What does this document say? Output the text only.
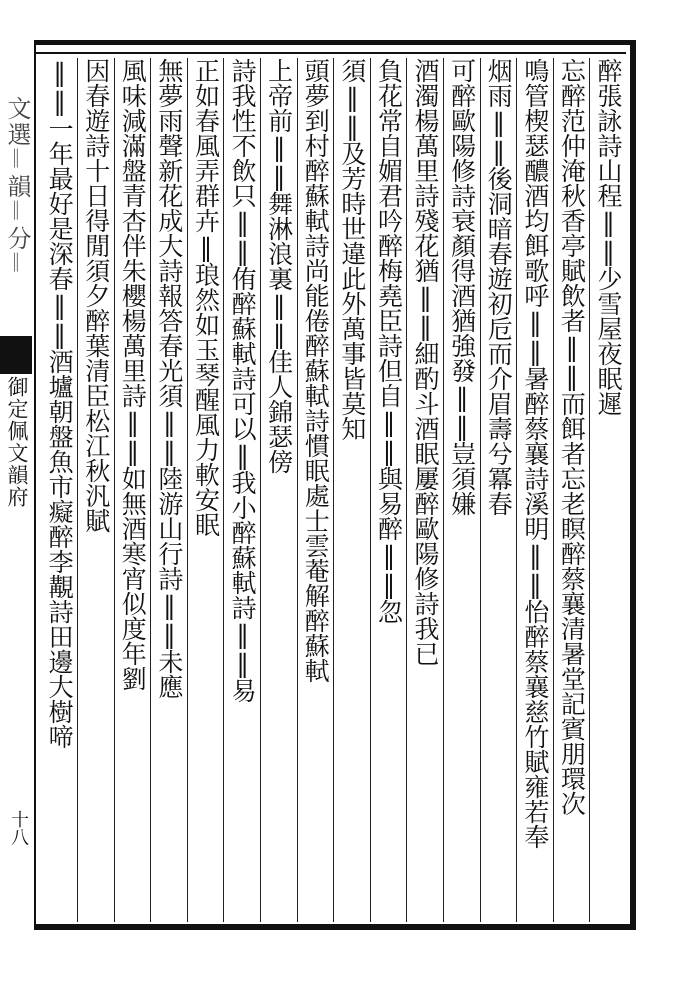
文選𝄁韻𝄁分𝄁
御定佩文韻府
十八
醉張詠詩山程‖‖少雪屋夜眠遲
忘醉范仲淹秋香亭賦飲者‖‖而餌者忘老瞑醉蔡襄清暑堂記賓朋環次
鳴管楔瑟醲酒均餌歌呼‖‖暑醉蔡襄詩溪明‖‖怡醉蔡襄慈竹賦雍若奉
烟雨‖‖後洞暗春遊初卮而介眉壽兮冪春
可醉歐陽修詩衰顏得酒猶強發‖‖豈須嫌
酒濁楊萬里詩殘花猶‖‖細酌斗酒眠屢醉歐陽修詩我已
負花常自媚君吟醉梅堯臣詩但自‖‖與易醉‖‖忽
須‖‖及芳時世違此外萬事皆莫知
頭夢到村醉蘇軾詩尚能倦醉蘇軾詩慣眠處士雲菴解醉蘇軾
上帝前‖‖舞淋浪裏‖‖佳人錦瑟傍
詩我性不飲只‖‖侑醉蘇軾詩可以‖我小醉蘇軾詩‖‖易
正如春風弄群卉‖琅然如玉琴醒風力軟安眠
無夢雨聲新花成大詩報答春光須‖‖陸游山行詩‖‖未應
風味減滿盤青杏伴朱櫻楊萬里詩‖‖如無酒寒宵似度年劉
因春遊詩十日得閒須夕醉葉清臣松江秋汎賦
‖‖一年最好是深春‖‖酒壚朝盤魚市癡醉李覯詩田邊大樹啼
